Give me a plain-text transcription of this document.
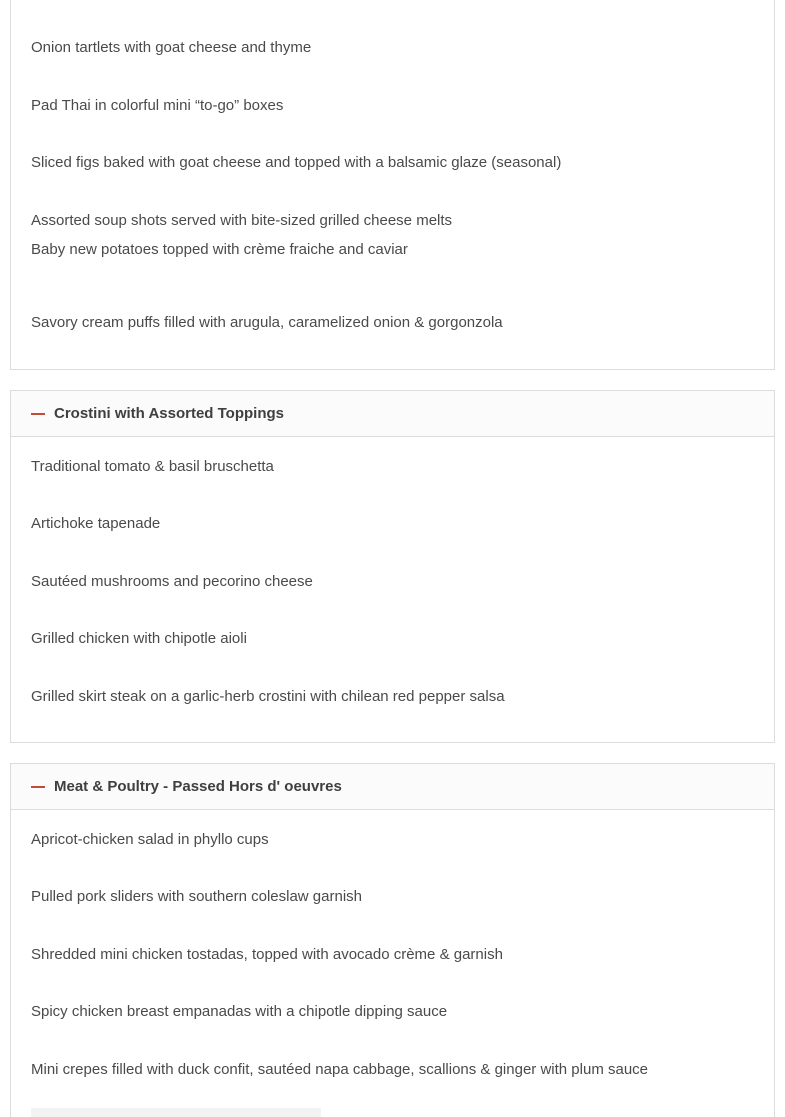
Onion tartlets with goat cheese and thyme
Pad Thai in colorful mini “to-go” boxes
Sliced figs baked with goat cheese and topped with a balsamic glaze (seasonal)
Assorted soup shots served with bite-sized grilled cheese melts
Baby new potatoes topped with crème fraiche and caviar
Savory cream puffs filled with arugula, caramelized onion & gorgonzola
Crostini with Assorted Toppings
Traditional tomato & basil bruschetta
Artichoke tapenade
Sautéed mushrooms and pecorino cheese
Grilled chicken with chipotle aioli
Grilled skirt steak on a garlic-herb crostini with chilean red pepper salsa
Meat & Poultry - Passed Hors d' oeuvres
Apricot-chicken salad in phyllo cups
Pulled pork sliders with southern coleslaw garnish
Shredded mini chicken tostadas, topped with avocado crème & garnish
Spicy chicken breast empanadas with a chipotle dipping sauce
Mini crepes filled with duck confit, sautéed napa cabbage, scallions & ginger with plum sauce
